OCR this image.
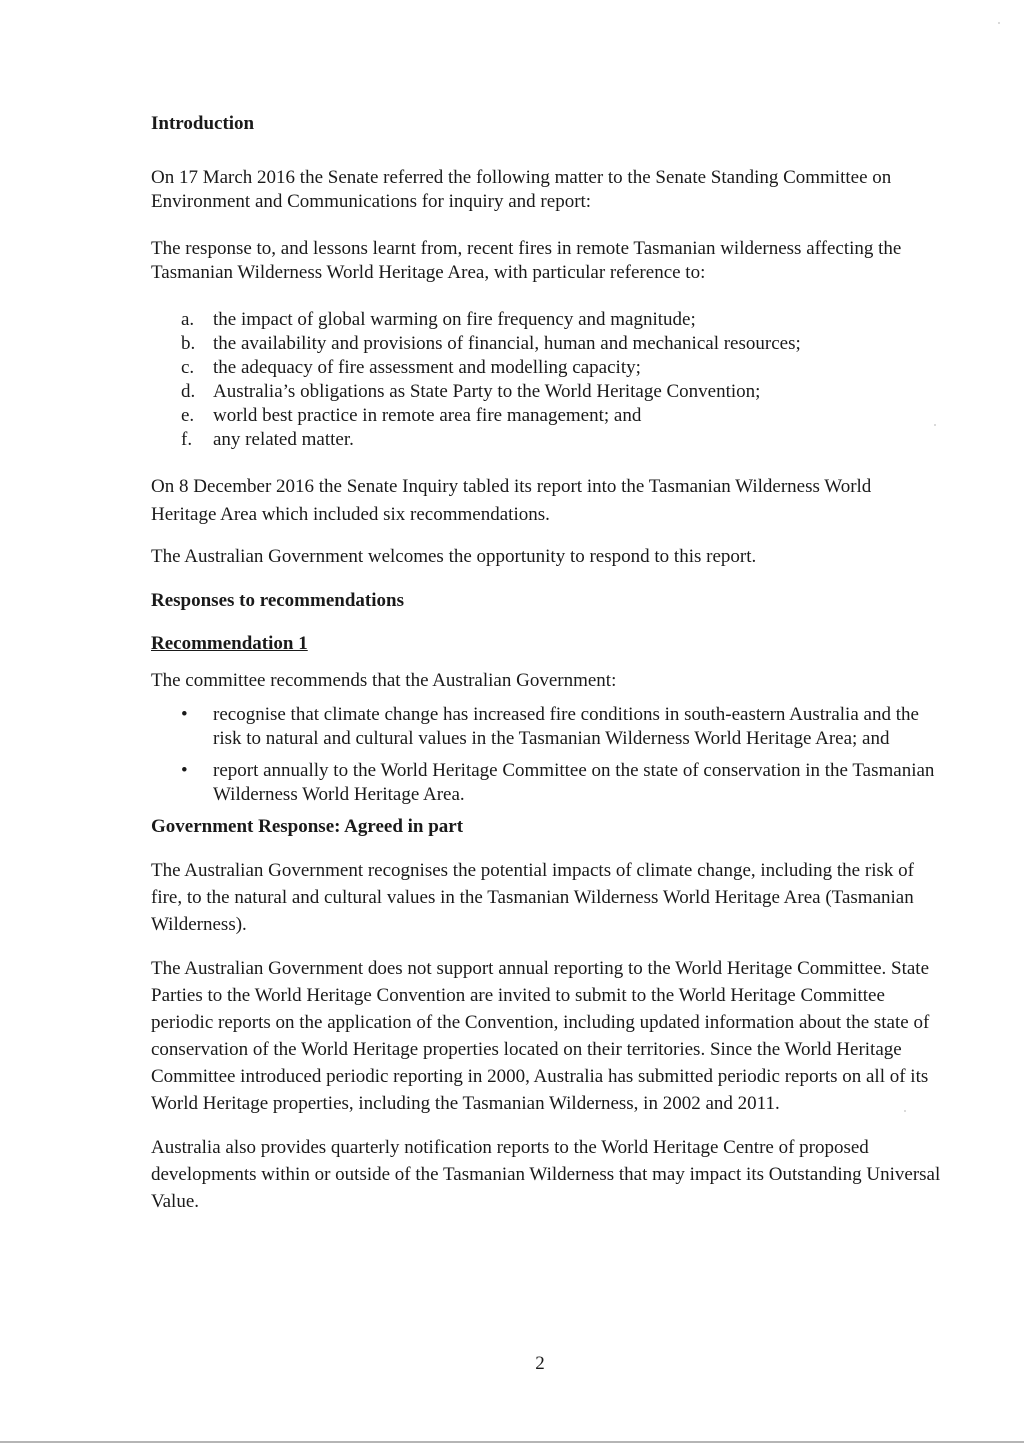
Introduction

On 17 March 2016 the Senate referred the following matter to the Senate Standing Committee on Environment and Communications for inquiry and report:

The response to, and lessons learnt from, recent fires in remote Tasmanian wilderness affecting the Tasmanian Wilderness World Heritage Area, with particular reference to:

a. the impact of global warming on fire frequency and magnitude;
b. the availability and provisions of financial, human and mechanical resources;
c. the adequacy of fire assessment and modelling capacity;
d. Australia’s obligations as State Party to the World Heritage Convention;
e. world best practice in remote area fire management; and
f. any related matter.

On 8 December 2016 the Senate Inquiry tabled its report into the Tasmanian Wilderness World Heritage Area which included six recommendations.

The Australian Government welcomes the opportunity to respond to this report.

Responses to recommendations

Recommendation 1

The committee recommends that the Australian Government:

• recognise that climate change has increased fire conditions in south-eastern Australia and the risk to natural and cultural values in the Tasmanian Wilderness World Heritage Area; and
• report annually to the World Heritage Committee on the state of conservation in the Tasmanian Wilderness World Heritage Area.

Government Response: Agreed in part

The Australian Government recognises the potential impacts of climate change, including the risk of fire, to the natural and cultural values in the Tasmanian Wilderness World Heritage Area (Tasmanian Wilderness).

The Australian Government does not support annual reporting to the World Heritage Committee. State Parties to the World Heritage Convention are invited to submit to the World Heritage Committee periodic reports on the application of the Convention, including updated information about the state of conservation of the World Heritage properties located on their territories. Since the World Heritage Committee introduced periodic reporting in 2000, Australia has submitted periodic reports on all of its World Heritage properties, including the Tasmanian Wilderness, in 2002 and 2011.

Australia also provides quarterly notification reports to the World Heritage Centre of proposed developments within or outside of the Tasmanian Wilderness that may impact its Outstanding Universal Value.

2
